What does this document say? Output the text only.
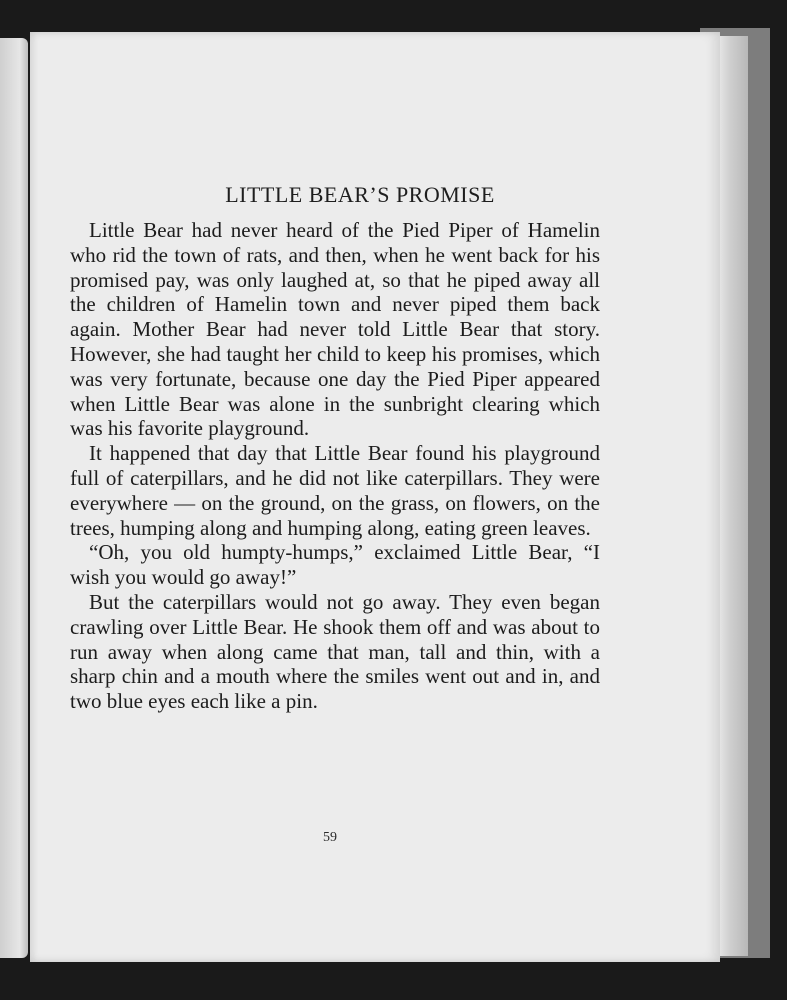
LITTLE BEAR’S PROMISE

Little Bear had never heard of the Pied Piper of Hamelin who rid the town of rats, and then, when he went back for his promised pay, was only laughed at, so that he piped away all the children of Hamelin town and never piped them back again. Mother Bear had never told Little Bear that story. However, she had taught her child to keep his promises, which was very fortunate, because one day the Pied Piper appeared when Little Bear was alone in the sunbright clearing which was his favorite playground.

It happened that day that Little Bear found his playground full of caterpillars, and he did not like caterpillars. They were everywhere — on the ground, on the grass, on flowers, on the trees, humping along and humping along, eating green leaves.

“Oh, you old humpty-humps,” exclaimed Little Bear, “I wish you would go away!”

But the caterpillars would not go away. They even began crawling over Little Bear. He shook them off and was about to run away when along came that man, tall and thin, with a sharp chin and a mouth where the smiles went out and in, and two blue eyes each like a pin.

59
